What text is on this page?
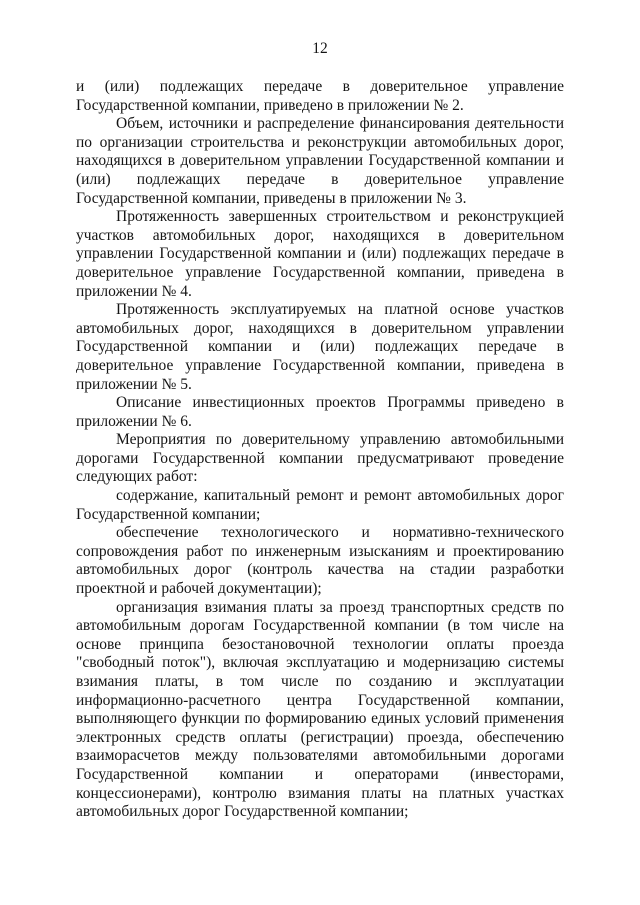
12

и (или) подлежащих передаче в доверительное управление Государственной компании, приведено в приложении № 2.

Объем, источники и распределение финансирования деятельности по организации строительства и реконструкции автомобильных дорог, находящихся в доверительном управлении Государственной компании и (или) подлежащих передаче в доверительное управление Государственной компании, приведены в приложении № 3.

Протяженность завершенных строительством и реконструкцией участков автомобильных дорог, находящихся в доверительном управлении Государственной компании и (или) подлежащих передаче в доверительное управление Государственной компании, приведена в приложении № 4.

Протяженность эксплуатируемых на платной основе участков автомобильных дорог, находящихся в доверительном управлении Государственной компании и (или) подлежащих передаче в доверительное управление Государственной компании, приведена в приложении № 5.

Описание инвестиционных проектов Программы приведено в приложении № 6.

Мероприятия по доверительному управлению автомобильными дорогами Государственной компании предусматривают проведение следующих работ:

содержание, капитальный ремонт и ремонт автомобильных дорог Государственной компании;

обеспечение технологического и нормативно-технического сопровождения работ по инженерным изысканиям и проектированию автомобильных дорог (контроль качества на стадии разработки проектной и рабочей документации);

организация взимания платы за проезд транспортных средств по автомобильным дорогам Государственной компании (в том числе на основе принципа безостановочной технологии оплаты проезда "свободный поток"), включая эксплуатацию и модернизацию системы взимания платы, в том числе по созданию и эксплуатации информационно-расчетного центра Государственной компании, выполняющего функции по формированию единых условий применения электронных средств оплаты (регистрации) проезда, обеспечению взаиморасчетов между пользователями автомобильными дорогами Государственной компании и операторами (инвесторами, концессионерами), контролю взимания платы на платных участках автомобильных дорог Государственной компании;
